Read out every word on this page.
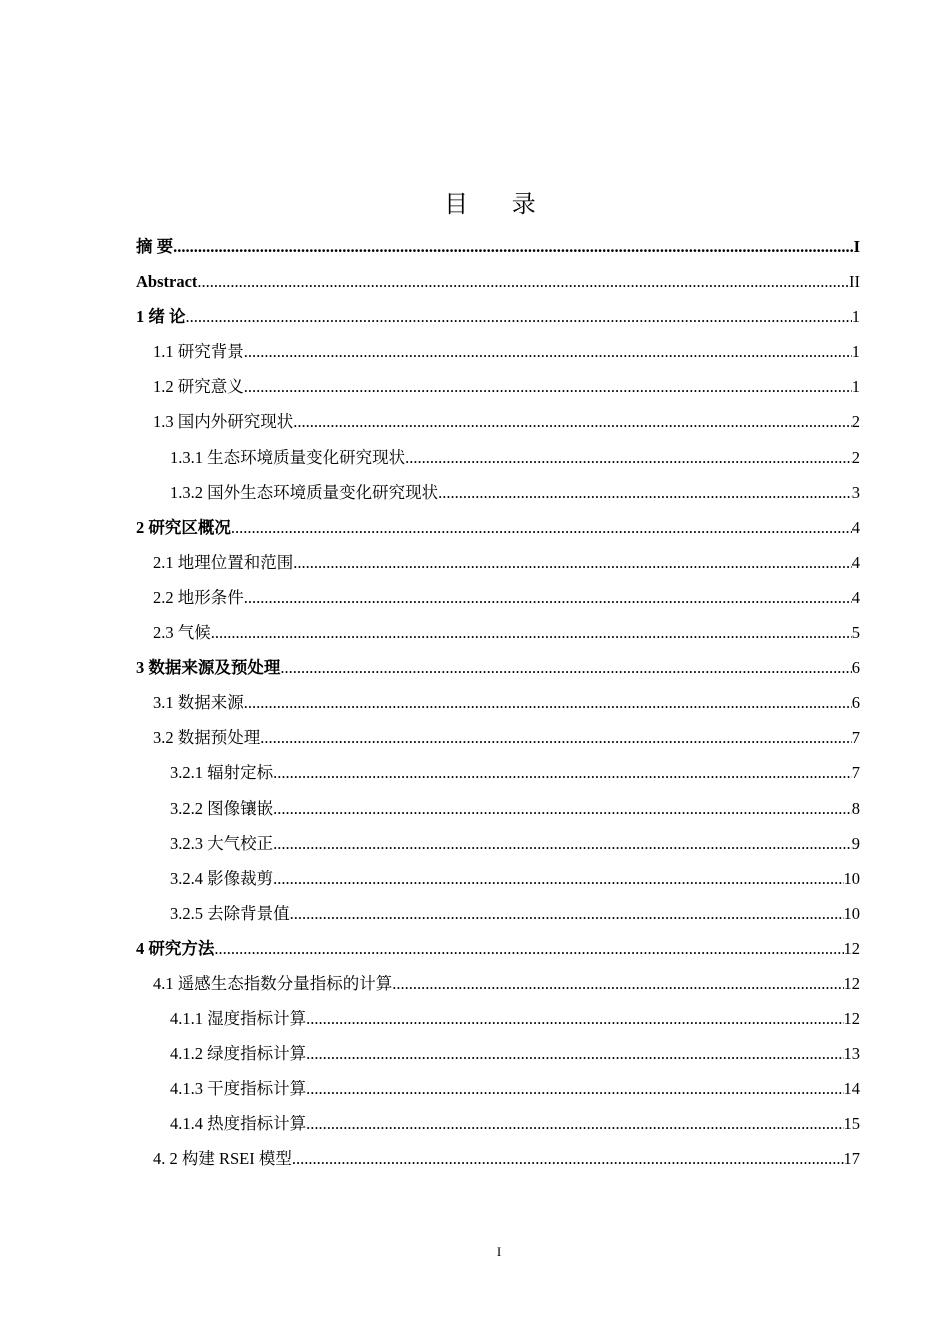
目 录
摘 要 .....	I
Abstract .....	II
1 绪 论 .....	1
1.1 研究背景 .....	1
1.2 研究意义 .....	1
1.3 国内外研究现状 .....	2
1.3.1 生态环境质量变化研究现状 .....	2
1.3.2 国外生态环境质量变化研究现状 .....	3
2 研究区概况 .....	4
2.1 地理位置和范围 .....	4
2.2 地形条件 .....	4
2.3 气候 .....	5
3 数据来源及预处理 .....	6
3.1 数据来源 .....	6
3.2 数据预处理 .....	7
3.2.1 辐射定标 .....	7
3.2.2 图像镶嵌 .....	8
3.2.3 大气校正 .....	9
3.2.4 影像裁剪 .....	10
3.2.5 去除背景值 .....	10
4 研究方法 .....	12
4.1 遥感生态指数分量指标的计算 .....	12
4.1.1 湿度指标计算 .....	12
4.1.2 绿度指标计算 .....	13
4.1.3 干度指标计算 .....	14
4.1.4 热度指标计算 .....	15
4. 2 构建 RSEI 模型 .....	17
I
